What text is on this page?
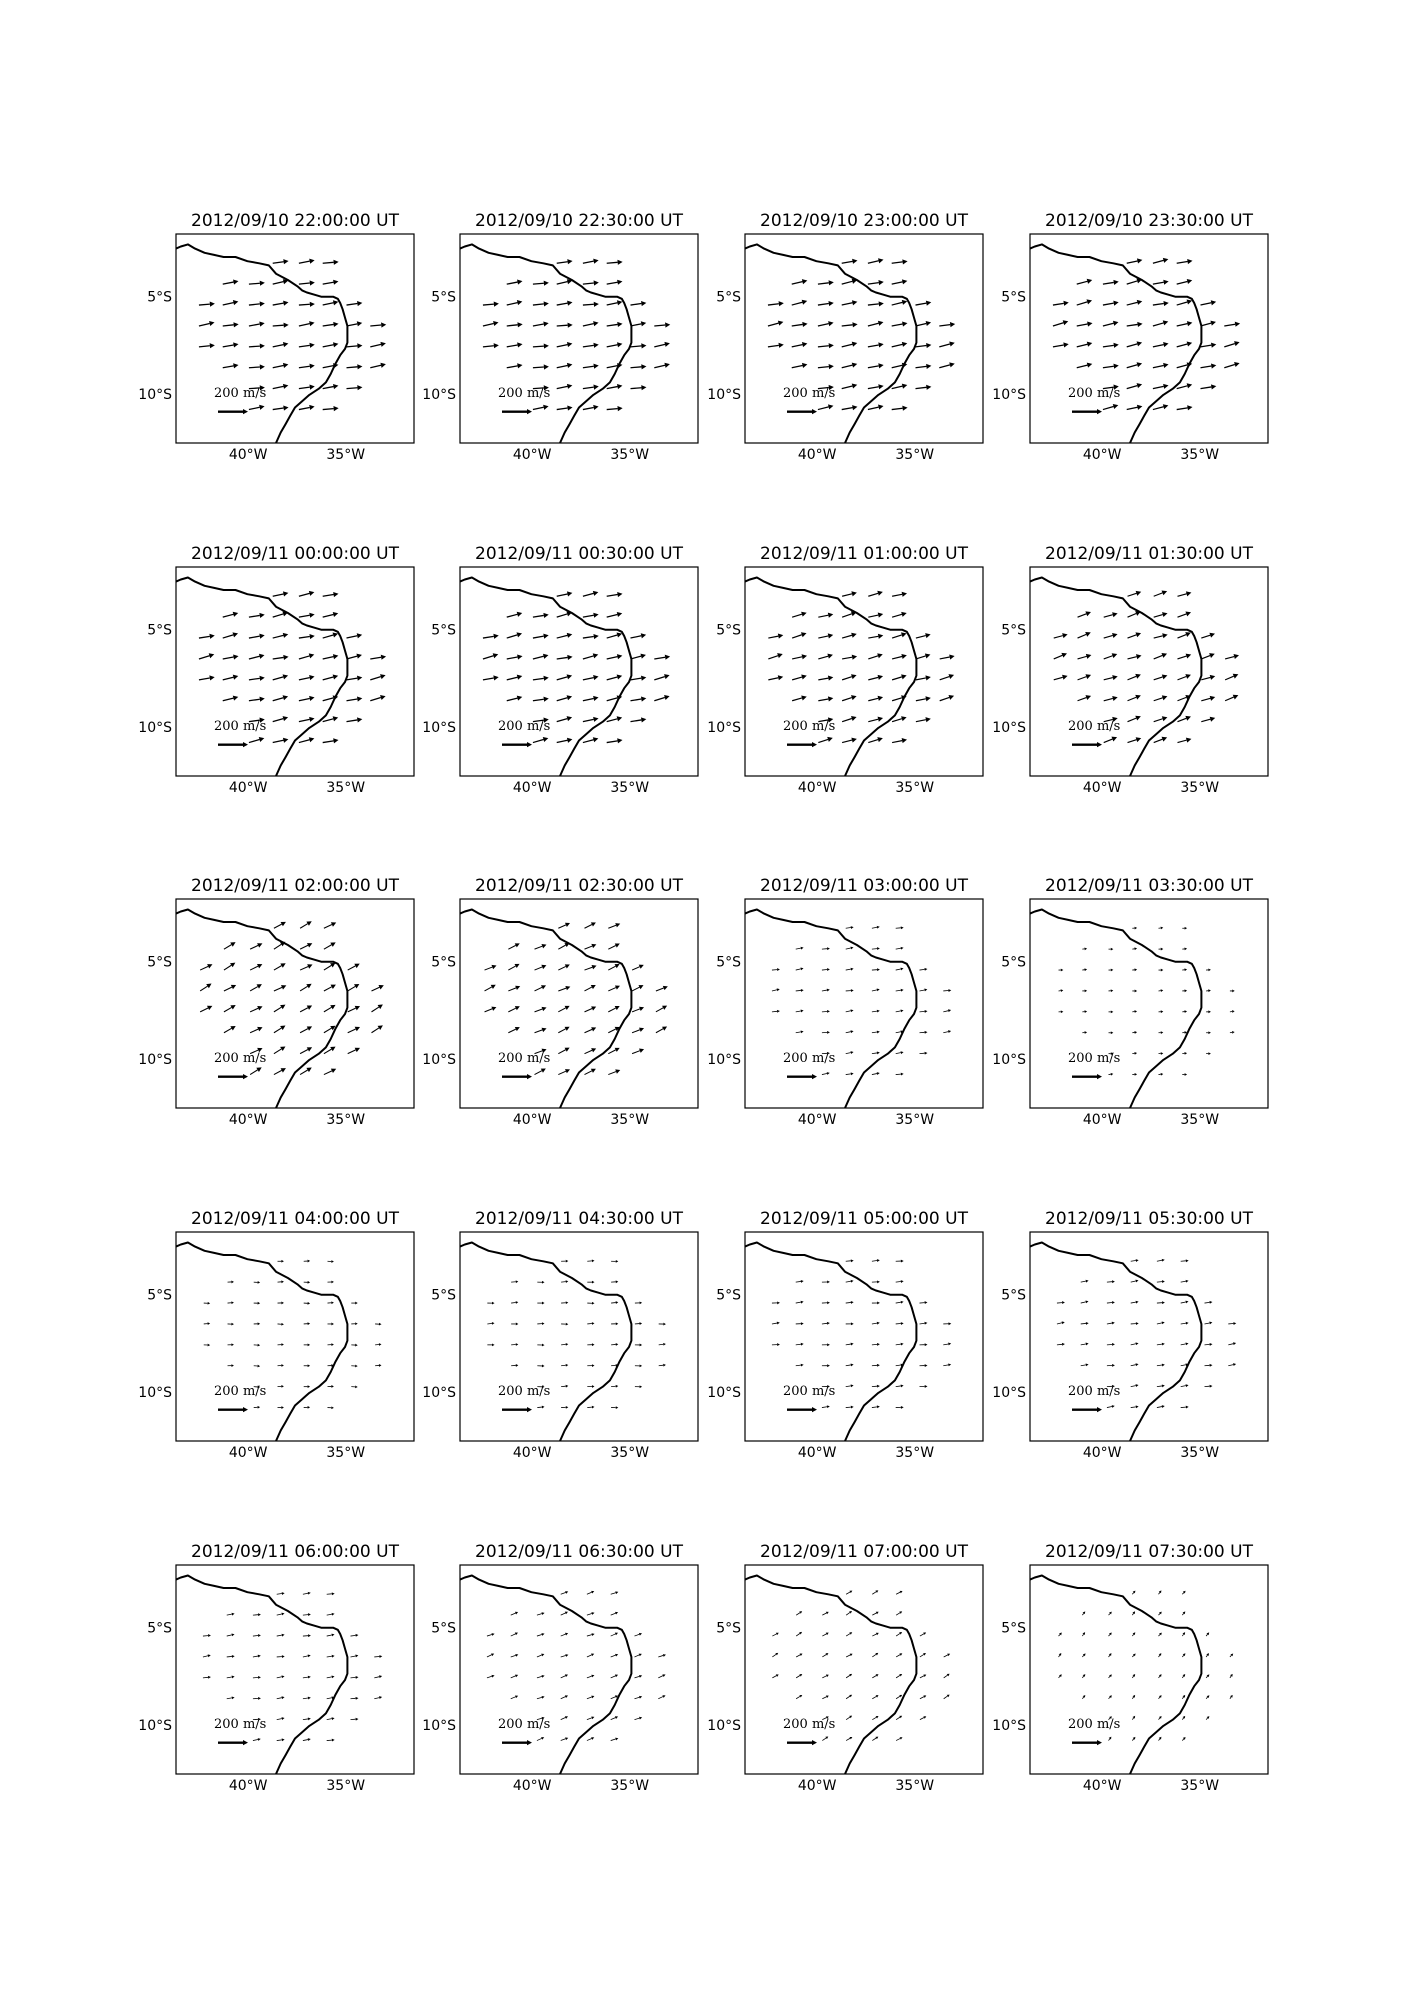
2012/09/10 22:00:00 UT
200 m/s
5°S
10°S
40°W	35°W
2012/09/10 22:30:00 UT
200 m/s
5°S
10°S
40°W	35°W
2012/09/10 23:00:00 UT
200 m/s
5°S
10°S
40°W	35°W
2012/09/10 23:30:00 UT
200 m/s
5°S
10°S
40°W	35°W
2012/09/11 00:00:00 UT
200 m/s
5°S
10°S
40°W	35°W
2012/09/11 00:30:00 UT
200 m/s
5°S
10°S
40°W	35°W
2012/09/11 01:00:00 UT
200 m/s
5°S
10°S
40°W	35°W
2012/09/11 01:30:00 UT
200 m/s
5°S
10°S
40°W	35°W
2012/09/11 02:00:00 UT
200 m/s
5°S
10°S
40°W	35°W
2012/09/11 02:30:00 UT
200 m/s
5°S
10°S
40°W	35°W
2012/09/11 03:00:00 UT
200 m/s
5°S
10°S
40°W	35°W
2012/09/11 03:30:00 UT
200 m/s
5°S
10°S
40°W	35°W
2012/09/11 04:00:00 UT
200 m/s
5°S
10°S
40°W	35°W
2012/09/11 04:30:00 UT
200 m/s
5°S
10°S
40°W	35°W
2012/09/11 05:00:00 UT
200 m/s
5°S
10°S
40°W	35°W
2012/09/11 05:30:00 UT
200 m/s
5°S
10°S
40°W	35°W
2012/09/11 06:00:00 UT
200 m/s
5°S
10°S
40°W	35°W
2012/09/11 06:30:00 UT
200 m/s
5°S
10°S
40°W	35°W
2012/09/11 07:00:00 UT
200 m/s
5°S
10°S
40°W	35°W
2012/09/11 07:30:00 UT
200 m/s
5°S
10°S
40°W	35°W
